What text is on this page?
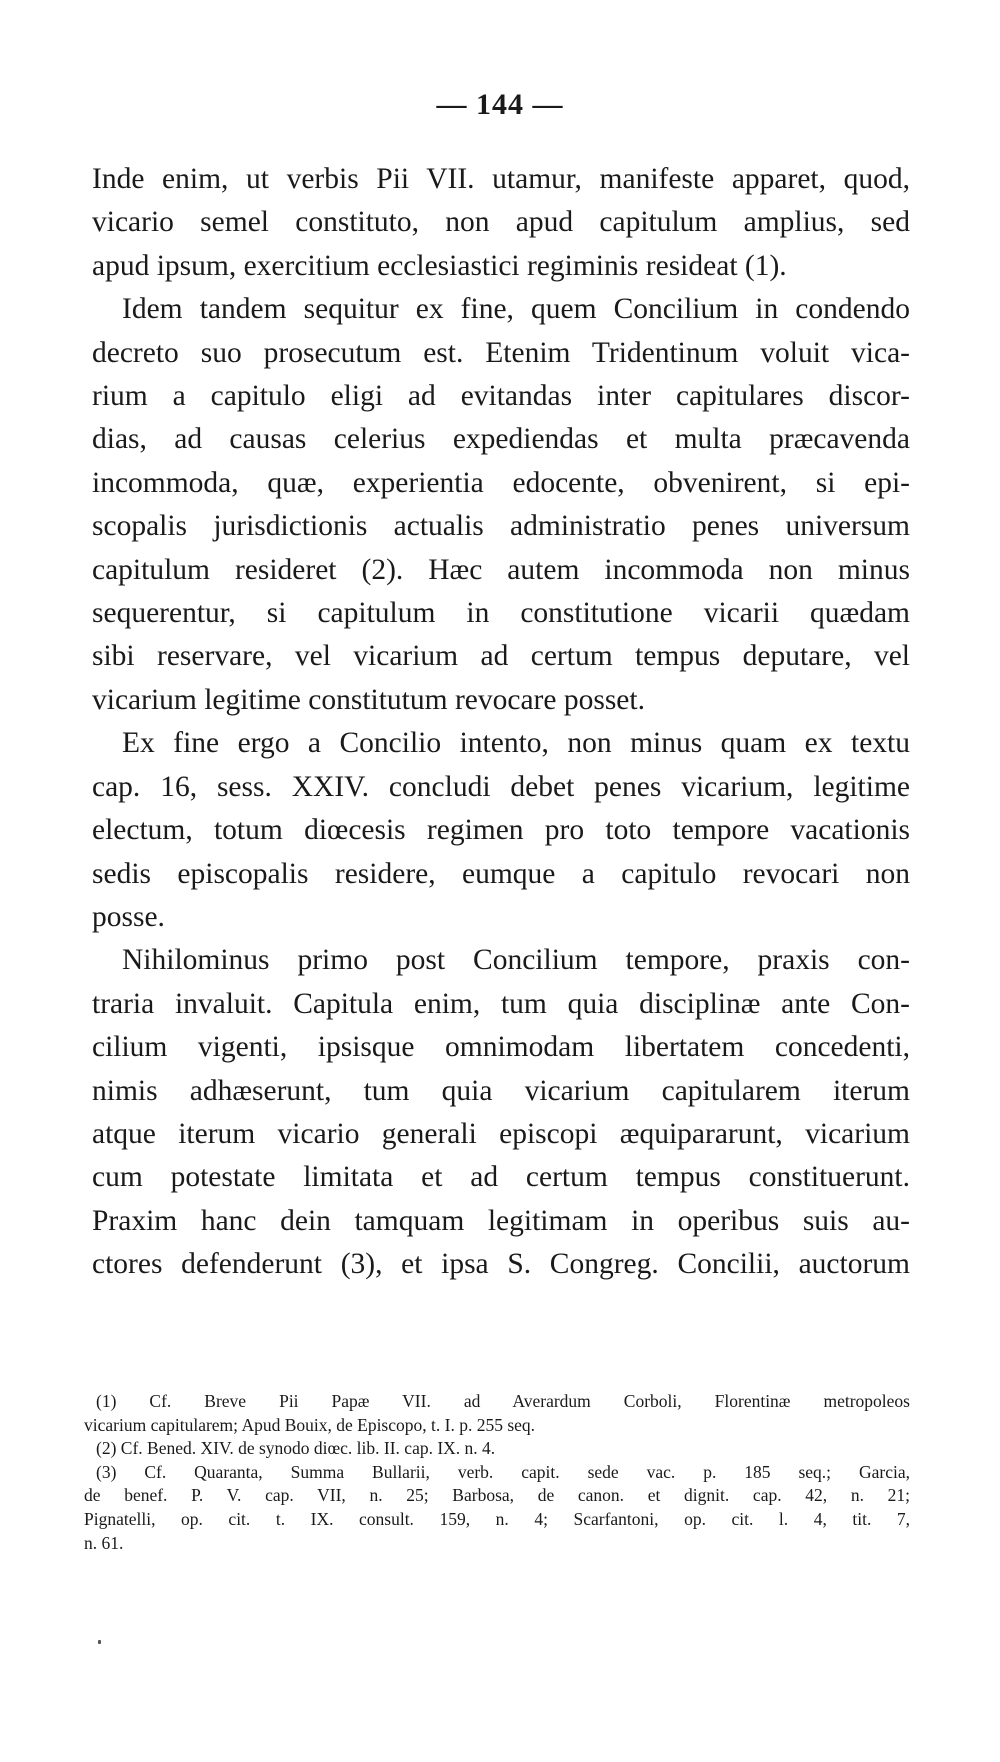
— 144 —
Inde enim, ut verbis Pii VII. utamur, manifeste apparet, quod,
vicario semel constituto, non apud capitulum amplius, sed
apud ipsum, exercitium ecclesiastici regiminis resideat (1).
Idem tandem sequitur ex fine, quem Concilium in condendo
decreto suo prosecutum est. Etenim Tridentinum voluit vica-
rium a capitulo eligi ad evitandas inter capitulares discor-
dias, ad causas celerius expediendas et multa præcavenda
incommoda, quæ, experientia edocente, obvenirent, si epi-
scopalis jurisdictionis actualis administratio penes universum
capitulum resideret (2). Hæc autem incommoda non minus
sequerentur, si capitulum in constitutione vicarii quædam
sibi reservare, vel vicarium ad certum tempus deputare, vel
vicarium legitime constitutum revocare posset.
Ex fine ergo a Concilio intento, non minus quam ex textu
cap. 16, sess. XXIV. concludi debet penes vicarium, legitime
electum, totum diœcesis regimen pro toto tempore vacationis
sedis episcopalis residere, eumque a capitulo revocari non
posse.
Nihilominus primo post Concilium tempore, praxis con-
traria invaluit. Capitula enim, tum quia disciplinæ ante Con-
cilium vigenti, ipsisque omnimodam libertatem concedenti,
nimis adhæserunt, tum quia vicarium capitularem iterum
atque iterum vicario generali episcopi æquipararunt, vicarium
cum potestate limitata et ad certum tempus constituerunt.
Praxim hanc dein tamquam legitimam in operibus suis au-
ctores defenderunt (3), et ipsa S. Congreg. Concilii, auctorum
(1) Cf. Breve Pii Papæ VII. ad Averardum Corboli, Florentinæ metropoleos
vicarium capitularem; Apud Bouix, de Episcopo, t. I. p. 255 seq.
(2) Cf. Bened. XIV. de synodo diœc. lib. II. cap. IX. n. 4.
(3) Cf. Quaranta, Summa Bullarii, verb. capit. sede vac. p. 185 seq.; Garcia,
de benef. P. V. cap. VII, n. 25; Barbosa, de canon. et dignit. cap. 42, n. 21;
Pignatelli, op. cit. t. IX. consult. 159, n. 4; Scarfantoni, op. cit. l. 4, tit. 7,
n. 61.
